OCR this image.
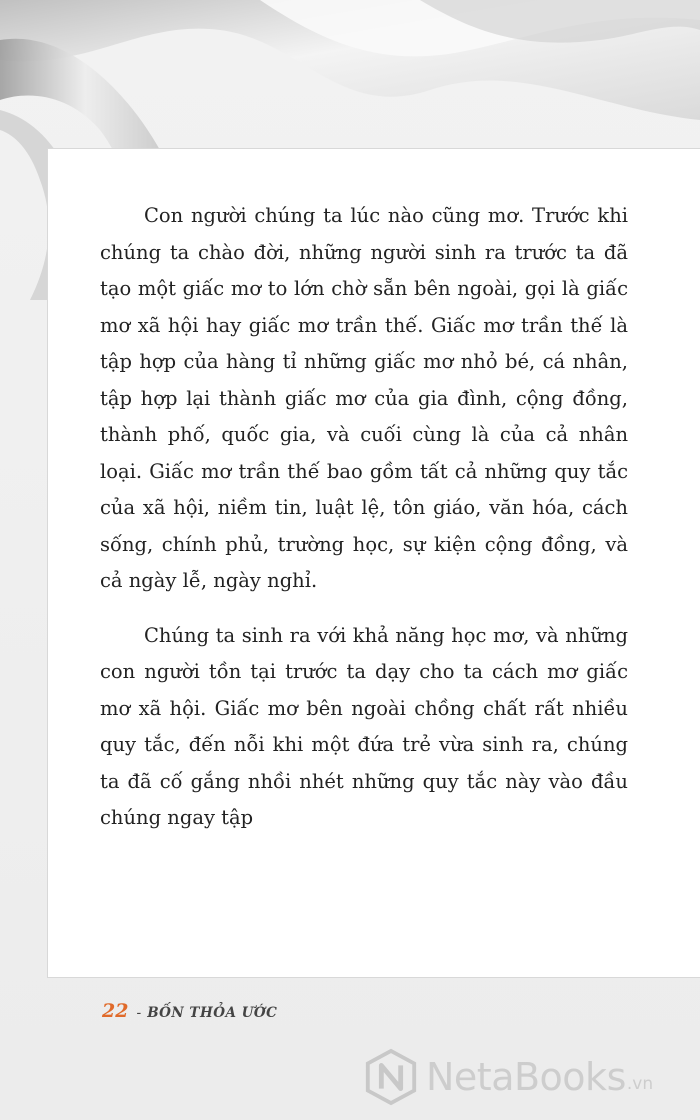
Con người chúng ta lúc nào cũng mơ. Trước khi chúng ta chào đời, những người sinh ra trước ta đã tạo một giấc mơ to lớn chờ sẵn bên ngoài, gọi là giấc mơ xã hội hay giấc mơ trần thế. Giấc mơ trần thế là tập hợp của hàng tỉ những giấc mơ nhỏ bé, cá nhân, tập hợp lại thành giấc mơ của gia đình, cộng đồng, thành phố, quốc gia, và cuối cùng là của cả nhân loại. Giấc mơ trần thế bao gồm tất cả những quy tắc của xã hội, niềm tin, luật lệ, tôn giáo, văn hóa, cách sống, chính phủ, trường học, sự kiện cộng đồng, và cả ngày lễ, ngày nghỉ.

Chúng ta sinh ra với khả năng học mơ, và những con người tồn tại trước ta dạy cho ta cách mơ giấc mơ xã hội. Giấc mơ bên ngoài chồng chất rất nhiều quy tắc, đến nỗi khi một đứa trẻ vừa sinh ra, chúng ta đã cố gắng nhồi nhét những quy tắc này vào đầu chúng ngay tập

22 - BỐN THỎA ƯỚC
NetaBooks .vn
